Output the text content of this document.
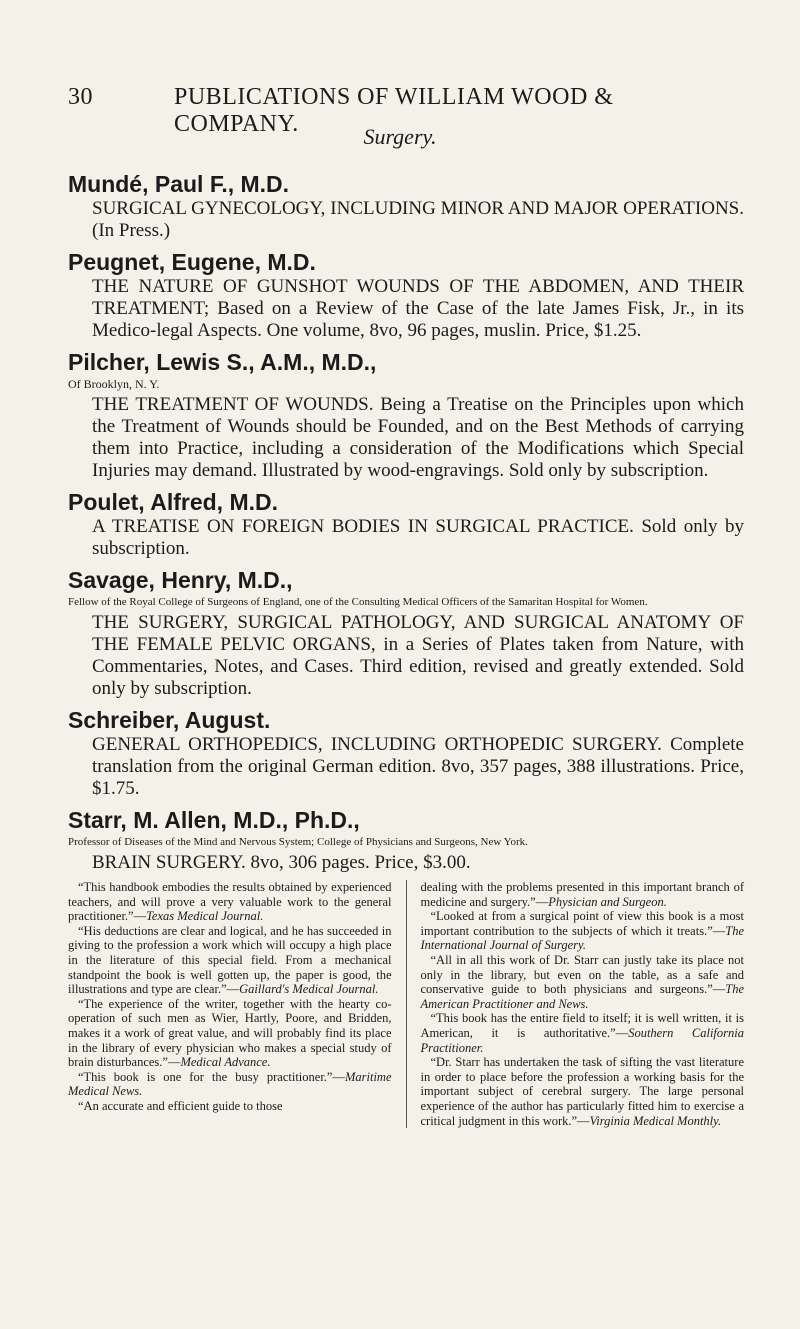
30	PUBLICATIONS OF WILLIAM WOOD & COMPANY.	Surgery.
Mundé, Paul F., M.D.
SURGICAL GYNECOLOGY, INCLUDING MINOR AND MAJOR OPERATIONS. (In Press.)
Peugnet, Eugene, M.D.
THE NATURE OF GUNSHOT WOUNDS OF THE ABDOMEN, AND THEIR TREATMENT; Based on a Review of the Case of the late James Fisk, Jr., in its Medico-legal Aspects. One volume, 8vo, 96 pages, muslin. Price, $1.25.
Pilcher, Lewis S., A.M., M.D.,
Of Brooklyn, N. Y.
THE TREATMENT OF WOUNDS. Being a Treatise on the Principles upon which the Treatment of Wounds should be Founded, and on the Best Methods of carrying them into Practice, including a consideration of the Modifications which Special Injuries may demand. Illustrated by wood-engravings. Sold only by subscription.
Poulet, Alfred, M.D.
A TREATISE ON FOREIGN BODIES IN SURGICAL PRACTICE. Sold only by subscription.
Savage, Henry, M.D.,
Fellow of the Royal College of Surgeons of England, one of the Consulting Medical Officers of the Samaritan Hospital for Women.
THE SURGERY, SURGICAL PATHOLOGY, AND SURGICAL ANATOMY OF THE FEMALE PELVIC ORGANS, in a Series of Plates taken from Nature, with Commentaries, Notes, and Cases. Third edition, revised and greatly extended. Sold only by subscription.
Schreiber, August.
GENERAL ORTHOPEDICS, INCLUDING ORTHOPEDIC SURGERY. Complete translation from the original German edition. 8vo, 357 pages, 388 illustrations. Price, $1.75.
Starr, M. Allen, M.D., Ph.D.,
Professor of Diseases of the Mind and Nervous System; College of Physicians and Surgeons, New York.
BRAIN SURGERY. 8vo, 306 pages. Price, $3.00.

“This handbook embodies the results obtained by experienced teachers, and will prove a very valuable work to the general practitioner.”—Texas Medical Journal.

“His deductions are clear and logical, and he has succeeded in giving to the profession a work which will occupy a high place in the literature of this special field. From a mechanical standpoint the book is well gotten up, the paper is good, the illustrations and type are clear.”—Gaillard's Medical Journal.

“The experience of the writer, together with the hearty co-operation of such men as Wier, Hartly, Poore, and Bridden, makes it a work of great value, and will probably find its place in the library of every physician who makes a special study of brain disturbances.”—Medical Advance.

“This book is one for the busy practitioner.”—Maritime Medical News.

“An accurate and efficient guide to those

dealing with the problems presented in this important branch of medicine and surgery.”—Physician and Surgeon.

“Looked at from a surgical point of view this book is a most important contribution to the subjects of which it treats.”—The International Journal of Surgery.

“All in all this work of Dr. Starr can justly take its place not only in the library, but even on the table, as a safe and conservative guide to both physicians and surgeons.”—The American Practitioner and News.

“This book has the entire field to itself; it is well written, it is American, it is authoritative.”—Southern California Practitioner.

“Dr. Starr has undertaken the task of sifting the vast literature in order to place before the profession a working basis for the important subject of cerebral surgery. The large personal experience of the author has particularly fitted him to exercise a critical judgment in this work.”—Virginia Medical Monthly.
